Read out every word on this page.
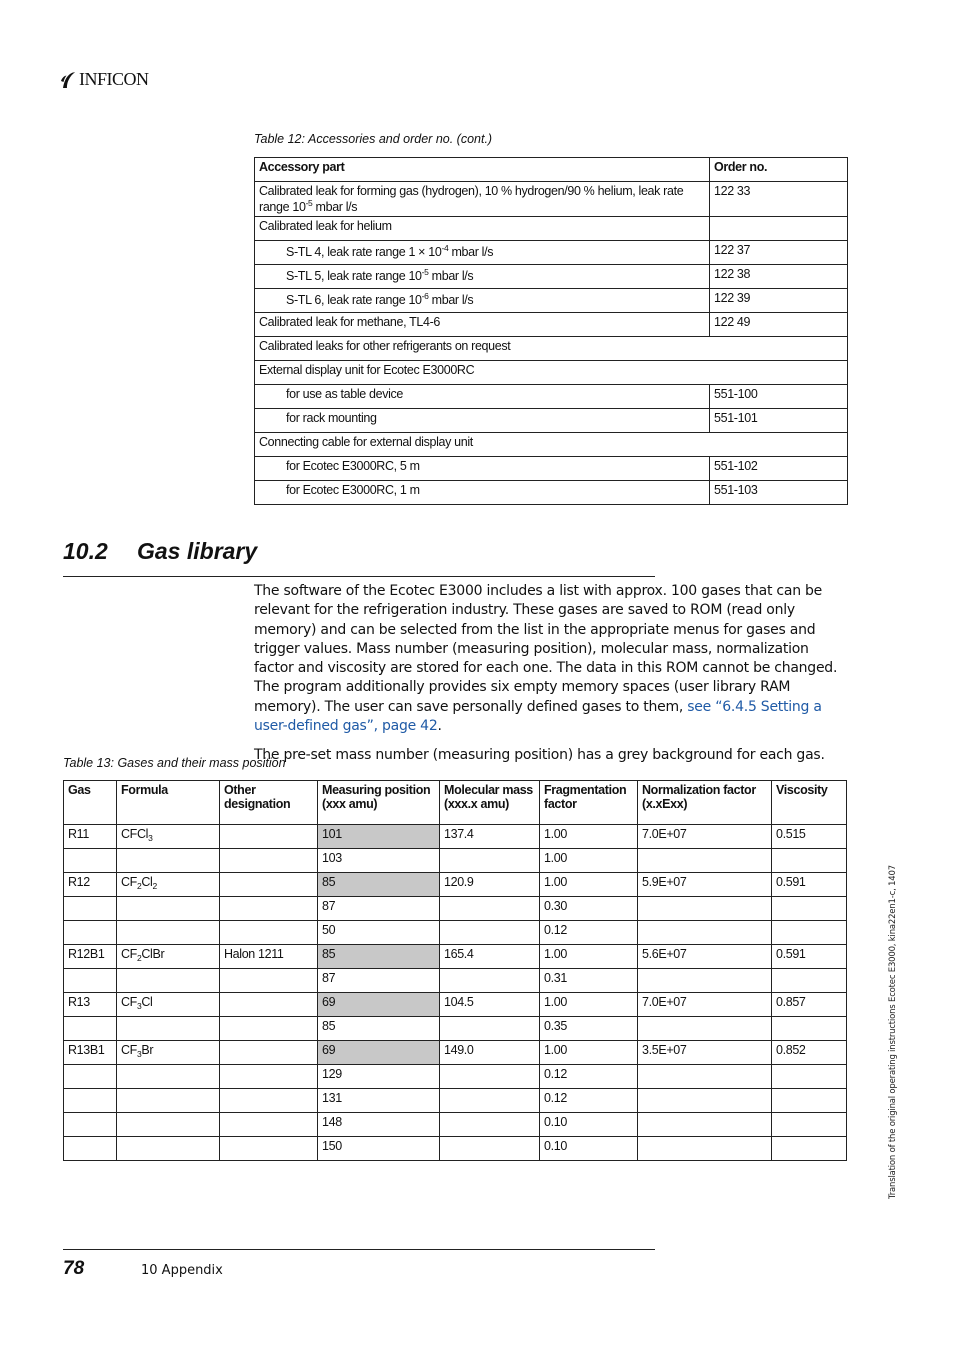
INFICON
Table 12: Accessories and order no. (cont.)
Accessory part	Order no.
Calibrated leak for forming gas (hydrogen), 10 % hydrogen/90 % helium, leak rate range $10^{-5}$ mbar l/s	122 33
Calibrated leak for helium	
S-TL 4, leak rate range $1 \times 10^{-4}$ mbar l/s	122 37
S-TL 5, leak rate range $10^{-5}$ mbar l/s	122 38
S-TL 6, leak rate range $10^{-6}$ mbar l/s	122 39
Calibrated leak for methane, TL4-6	122 49
Calibrated leaks for other refrigerants on request	
External display unit for Ecotec E3000RC	
for use as table device	551-100
for rack mounting	551-101
Connecting cable for external display unit	
for Ecotec E3000RC, 5 m	551-102
for Ecotec E3000RC, 1 m	551-103
10.2 Gas library

The software of the Ecotec E3000 includes a list with approx. 100 gases that can be relevant for the refrigeration industry. These gases are saved to ROM (read only memory) and can be selected from the list in the appropriate menus for gases and trigger values. Mass number (measuring position), molecular mass, normalization factor and viscosity are stored for each one. The data in this ROM cannot be changed. The program additionally provides six empty memory spaces (user library RAM memory). The user can save personally defined gases to them, see “6.4.5 Setting a user-defined gas”, page 42.

The pre-set mass number (measuring position) has a grey background for each gas.

Table 13: Gases and their mass position
Gas	Formula	Other designation	Measuring position (xxx amu)	Molecular mass (xxx.x amu)	Fragmentation factor	Normalization factor (x.xExx)	Viscosity
R11	CFCl$_3$		101	137.4	1.00	7.0E+07	0.515
			103		1.00		
R12	$CF_2Cl_2$		85	120.9	1.00	5.9E+07	0.591
			87		0.30		
			50		0.12		
R12B1	$CF_2ClBr$	Halon 1211	85	165.4	1.00	5.6E+07	0.591
			87		0.31		
R13	$CF_3Cl$		69	104.5	1.00	7.0E+07	0.857
			85		0.35		
R13B1	$CF_3Br$		69	149.0	1.00	3.5E+07	0.852
			129		0.12		
			131		0.12		
			148		0.10		
			150		0.10		
78	10 Appendix
Translation of the original operating instructions Ecotec E3000, kina22en1-c, 1407
